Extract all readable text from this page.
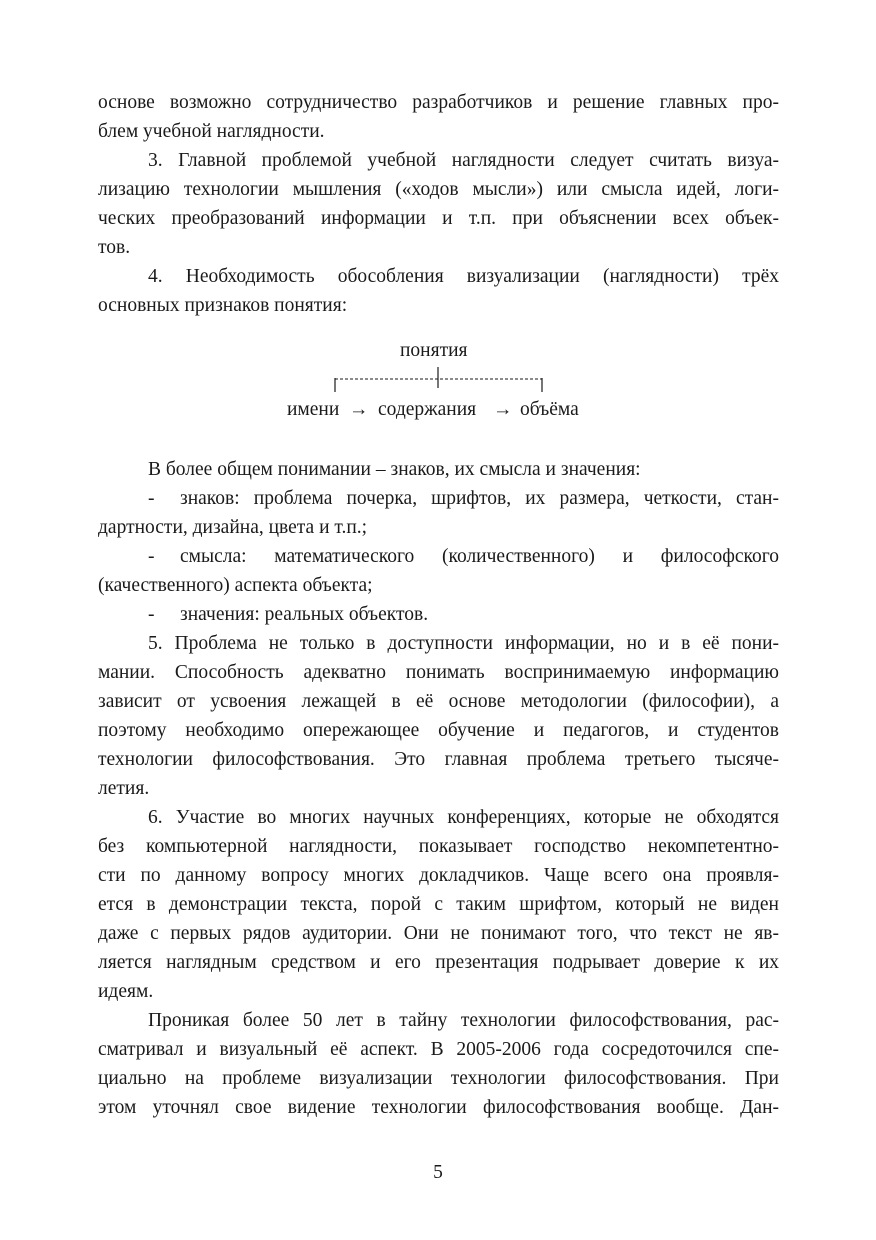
основе возможно сотрудничество разработчиков и решение главных про-
блем учебной наглядности.
3. Главной проблемой учебной наглядности следует считать визуа-
лизацию технологии мышления («ходов мысли») или смысла идей, логи-
ческих преобразований информации и т.п. при объяснении всех объек-
тов.
4. Необходимость обособления визуализации (наглядности) трёх
основных признаков понятия:
понятия
имени → содержания → объёма
В более общем понимании – знаков, их смысла и значения:
- знаков: проблема почерка, шрифтов, их размера, четкости, стан-
дартности, дизайна, цвета и т.п.;
- смысла: математического (количественного) и философского
(качественного) аспекта объекта;
- значения: реальных объектов.
5. Проблема не только в доступности информации, но и в её пони-
мании. Способность адекватно понимать воспринимаемую информацию
зависит от усвоения лежащей в её основе методологии (философии), а
поэтому необходимо опережающее обучение и педагогов, и студентов
технологии философствования. Это главная проблема третьего тысяче-
летия.
6. Участие во многих научных конференциях, которые не обходятся
без компьютерной наглядности, показывает господство некомпетентно-
сти по данному вопросу многих докладчиков. Чаще всего она проявля-
ется в демонстрации текста, порой с таким шрифтом, который не виден
даже с первых рядов аудитории. Они не понимают того, что текст не яв-
ляется наглядным средством и его презентация подрывает доверие к их
идеям.
Проникая более 50 лет в тайну технологии философствования, рас-
сматривал и визуальный её аспект. В 2005-2006 года сосредоточился спе-
циально на проблеме визуализации технологии философствования. При
этом уточнял свое видение технологии философствования вообще. Дан-
5
